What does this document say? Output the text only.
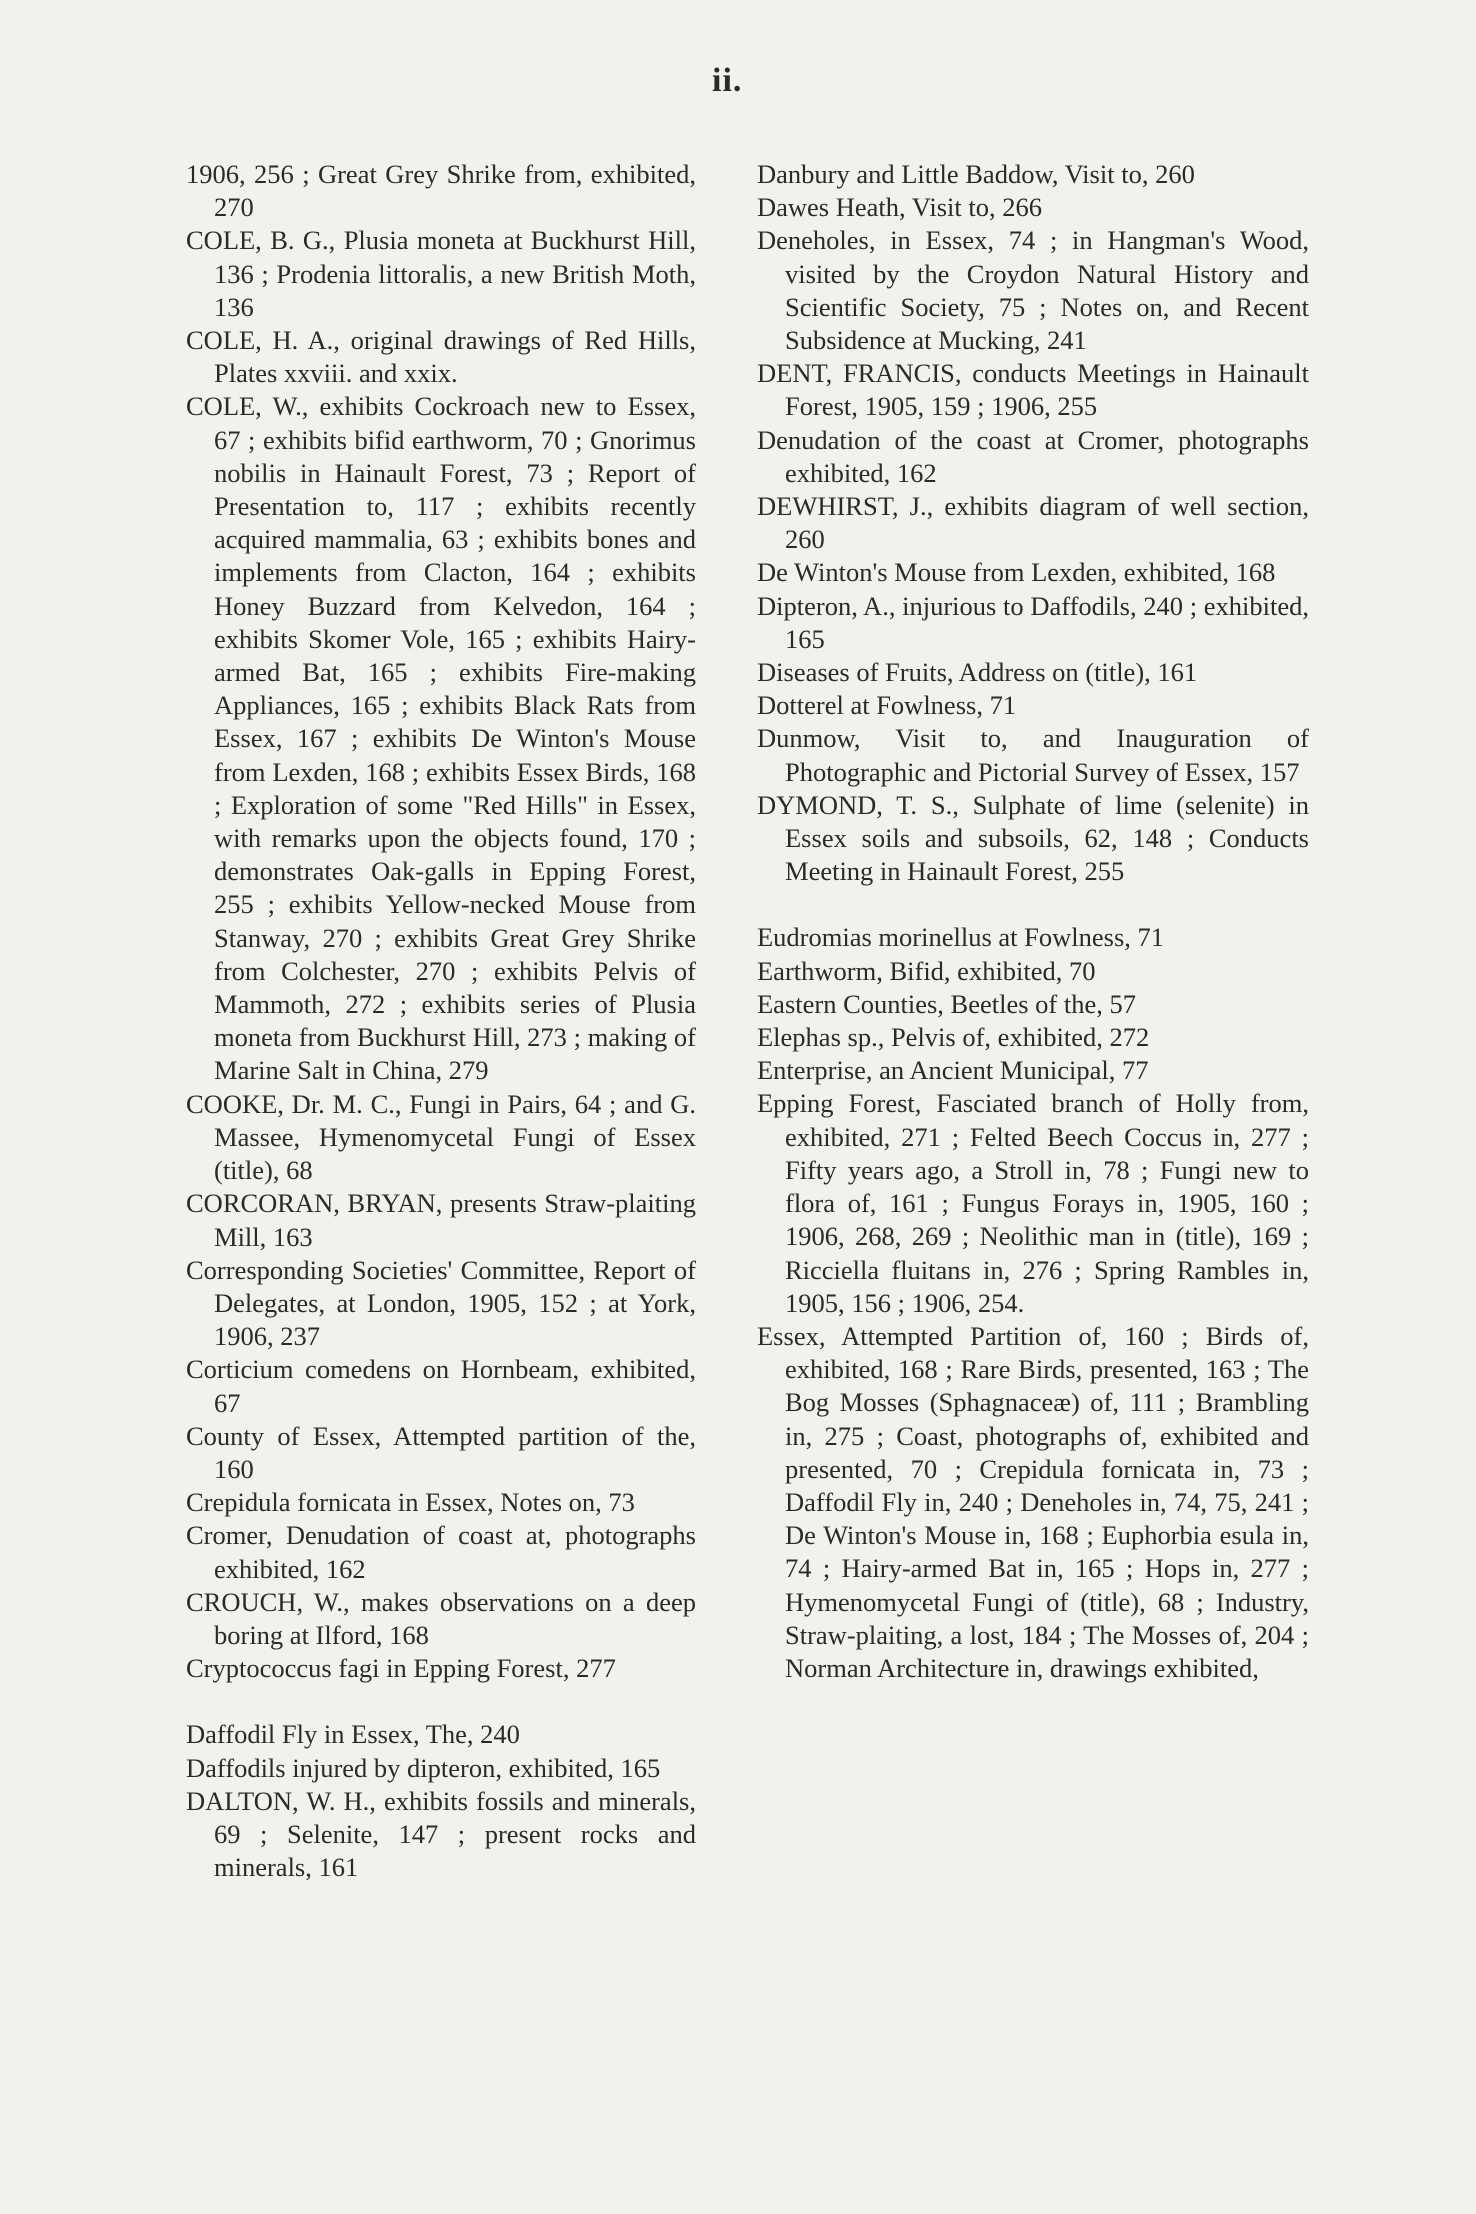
ii.

1906, 256 ; Great Grey Shrike from, exhibited, 270

COLE, B. G., Plusia moneta at Buckhurst Hill, 136 ; Prodenia littoralis, a new British Moth, 136

COLE, H. A., original drawings of Red Hills, Plates xxviii. and xxix.

COLE, W., exhibits Cockroach new to Essex, 67 ; exhibits bifid earthworm, 70 ; Gnorimus nobilis in Hainault Forest, 73 ; Report of Presentation to, 117 ; exhibits recently acquired mammalia, 63 ; exhibits bones and implements from Clacton, 164 ; exhibits Honey Buzzard from Kelvedon, 164 ; exhibits Skomer Vole, 165 ; exhibits Hairy-armed Bat, 165 ; exhibits Fire-making Appliances, 165 ; exhibits Black Rats from Essex, 167 ; exhibits De Winton's Mouse from Lexden, 168 ; exhibits Essex Birds, 168 ; Exploration of some "Red Hills" in Essex, with remarks upon the objects found, 170 ; demonstrates Oak-galls in Epping Forest, 255 ; exhibits Yellow-necked Mouse from Stanway, 270 ; exhibits Great Grey Shrike from Colchester, 270 ; exhibits Pelvis of Mammoth, 272 ; exhibits series of Plusia moneta from Buckhurst Hill, 273 ; making of Marine Salt in China, 279

COOKE, Dr. M. C., Fungi in Pairs, 64 ; and G. Massee, Hymenomycetal Fungi of Essex (title), 68

CORCORAN, BRYAN, presents Straw-plaiting Mill, 163

Corresponding Societies' Committee, Report of Delegates, at London, 1905, 152 ; at York, 1906, 237

Corticium comedens on Hornbeam, exhibited, 67

County of Essex, Attempted partition of the, 160

Crepidula fornicata in Essex, Notes on, 73

Cromer, Denudation of coast at, photographs exhibited, 162

CROUCH, W., makes observations on a deep boring at Ilford, 168

Cryptococcus fagi in Epping Forest, 277

Daffodil Fly in Essex, The, 240

Daffodils injured by dipteron, exhibited, 165

DALTON, W. H., exhibits fossils and minerals, 69 ; Selenite, 147 ; present rocks and minerals, 161

Danbury and Little Baddow, Visit to, 260

Dawes Heath, Visit to, 266

Deneholes, in Essex, 74 ; in Hangman's Wood, visited by the Croydon Natural History and Scientific Society, 75 ; Notes on, and Recent Subsidence at Mucking, 241

DENT, FRANCIS, conducts Meetings in Hainault Forest, 1905, 159 ; 1906, 255

Denudation of the coast at Cromer, photographs exhibited, 162

DEWHIRST, J., exhibits diagram of well section, 260

De Winton's Mouse from Lexden, exhibited, 168

Dipteron, A., injurious to Daffodils, 240 ; exhibited, 165

Diseases of Fruits, Address on (title), 161

Dotterel at Fowlness, 71

Dunmow, Visit to, and Inauguration of Photographic and Pictorial Survey of Essex, 157

DYMOND, T. S., Sulphate of lime (selenite) in Essex soils and subsoils, 62, 148 ; Conducts Meeting in Hainault Forest, 255

Eudromias morinellus at Fowlness, 71

Earthworm, Bifid, exhibited, 70

Eastern Counties, Beetles of the, 57

Elephas sp., Pelvis of, exhibited, 272

Enterprise, an Ancient Municipal, 77

Epping Forest, Fasciated branch of Holly from, exhibited, 271 ; Felted Beech Coccus in, 277 ; Fifty years ago, a Stroll in, 78 ; Fungi new to flora of, 161 ; Fungus Forays in, 1905, 160 ; 1906, 268, 269 ; Neolithic man in (title), 169 ; Ricciella fluitans in, 276 ; Spring Rambles in, 1905, 156 ; 1906, 254.

Essex, Attempted Partition of, 160 ; Birds of, exhibited, 168 ; Rare Birds, presented, 163 ; The Bog Mosses (Sphagnaceæ) of, 111 ; Brambling in, 275 ; Coast, photographs of, exhibited and presented, 70 ; Crepidula fornicata in, 73 ; Daffodil Fly in, 240 ; Deneholes in, 74, 75, 241 ; De Winton's Mouse in, 168 ; Euphorbia esula in, 74 ; Hairy-armed Bat in, 165 ; Hops in, 277 ; Hymenomycetal Fungi of (title), 68 ; Industry, Straw-plaiting, a lost, 184 ; The Mosses of, 204 ; Norman Architecture in, drawings exhibited,
